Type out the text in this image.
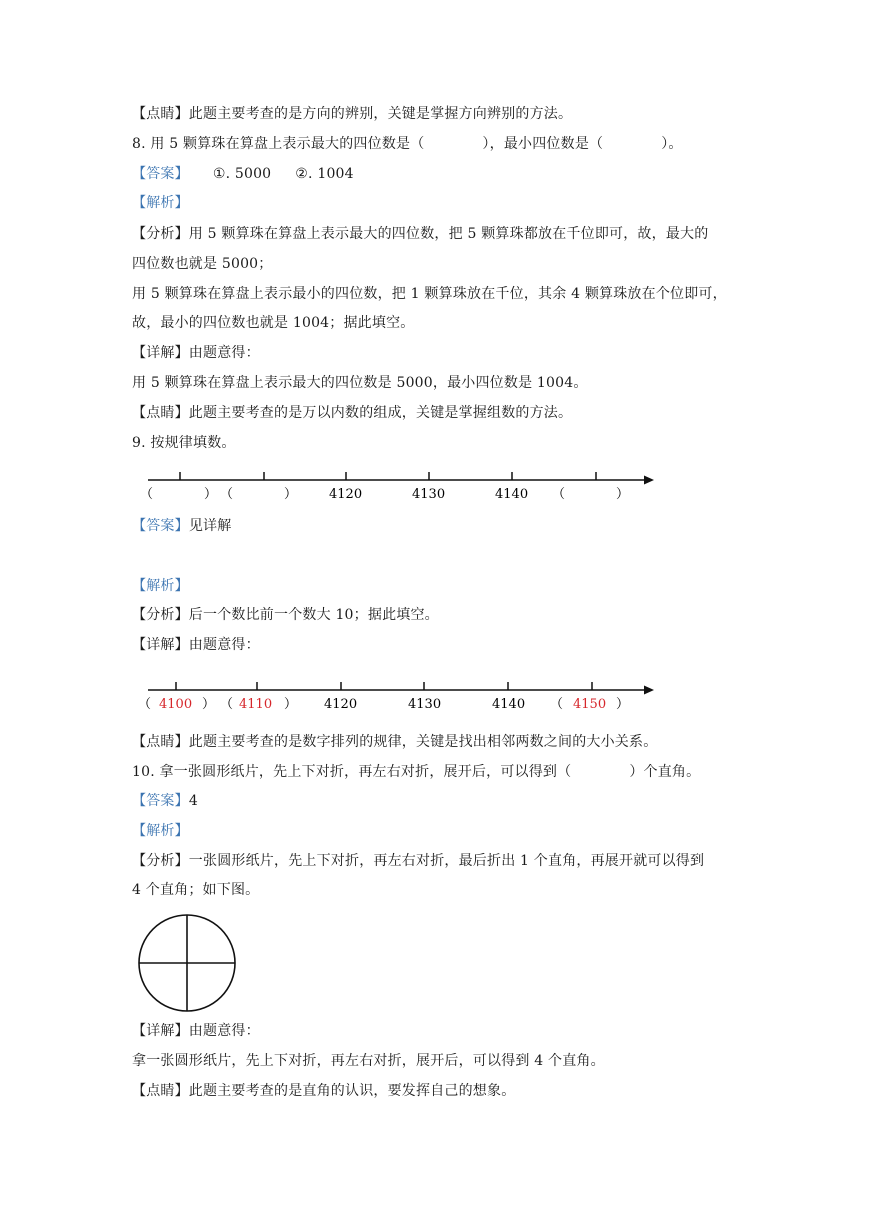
【点睛】此题主要考查的是方向的辨别，关键是掌握方向辨别的方法。
8. 用 5 颗算珠在算盘上表示最大的四位数是（	），最小四位数是（	）。
【答案】 ①. 5000 ②. 1004
【解析】
【分析】用 5 颗算珠在算盘上表示最大的四位数，把 5 颗算珠都放在千位即可，故，最大的
四位数也就是 5000；
用 5 颗算珠在算盘上表示最小的四位数，把 1 颗算珠放在千位，其余 4 颗算珠放在个位即可，
故，最小的四位数也就是 1004；据此填空。
【详解】由题意得：
用 5 颗算珠在算盘上表示最大的四位数是 5000，最小四位数是 1004。
【点睛】此题主要考查的是万以内数的组成，关键是掌握组数的方法。
9. 按规律填数。
（	） （	） 4120	4130	4140 （	）
【答案】见详解
【解析】
【分析】后一个数比前一个数大 10；据此填空。
【详解】由题意得：
（ 4100 ） （ 4110 ） 4120	4130	4140 （ 4150 ）
【点睛】此题主要考查的是数字排列的规律，关键是找出相邻两数之间的大小关系。
10. 拿一张圆形纸片，先上下对折，再左右对折，展开后，可以得到（	）个直角。
【答案】4
【解析】
【分析】一张圆形纸片，先上下对折，再左右对折，最后折出 1 个直角，再展开就可以得到
4 个直角；如下图。
【详解】由题意得：
拿一张圆形纸片，先上下对折，再左右对折，展开后，可以得到 4 个直角。
【点睛】此题主要考查的是直角的认识，要发挥自己的想象。
